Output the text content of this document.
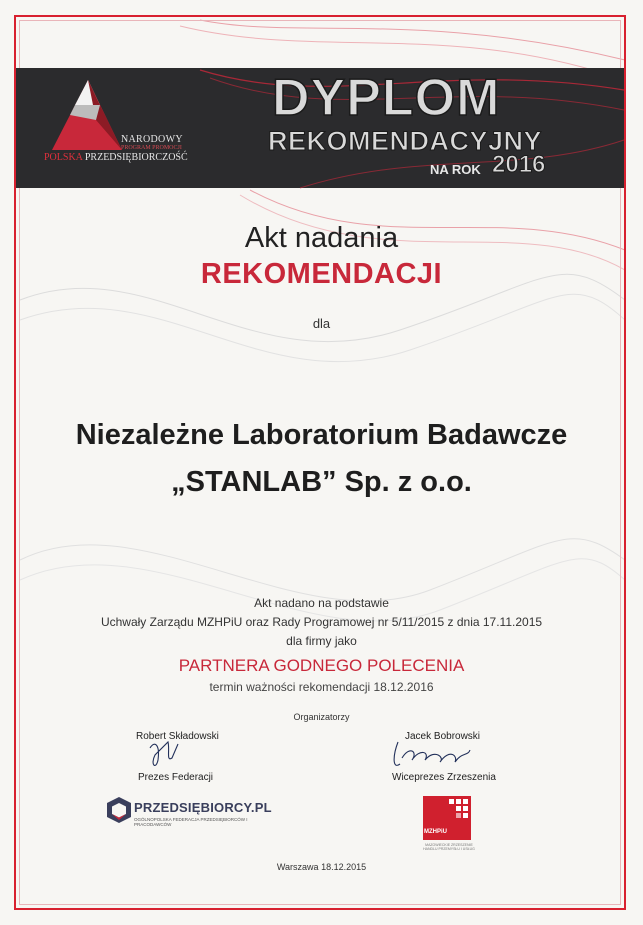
NARODOWY
PROGRAM PROMOCJI
POLSKA PRZEDSIĘBIORCZOŚĆ
DYPLOM
REKOMENDACYJNY
NA ROK 2016
Akt nadania
REKOMENDACJI
dla
Niezależne Laboratorium Badawcze
„STANLAB” Sp. z o.o.
Akt nadano na podstawie
Uchwały Zarządu MZHPiU oraz Rady Programowej nr 5/11/2015 z dnia 17.11.2015
dla firmy jako
PARTNERA GODNEGO POLECENIA
termin ważności rekomendacji 18.12.2016
Organizatorzy
Robert Składowski
Prezes Federacji
Jacek Bobrowski
Wiceprezes Zrzeszenia
PRZEDSIĘBIORCY.PL
OGÓLNOPOLSKA FEDERACJA PRZEDSIĘBIORCÓW I PRACODAWCÓW
MZHPiU
MAZOWIECKIE ZRZESZENIE HANDLU PRZEMYSŁU I USŁUG
Warszawa 18.12.2015
